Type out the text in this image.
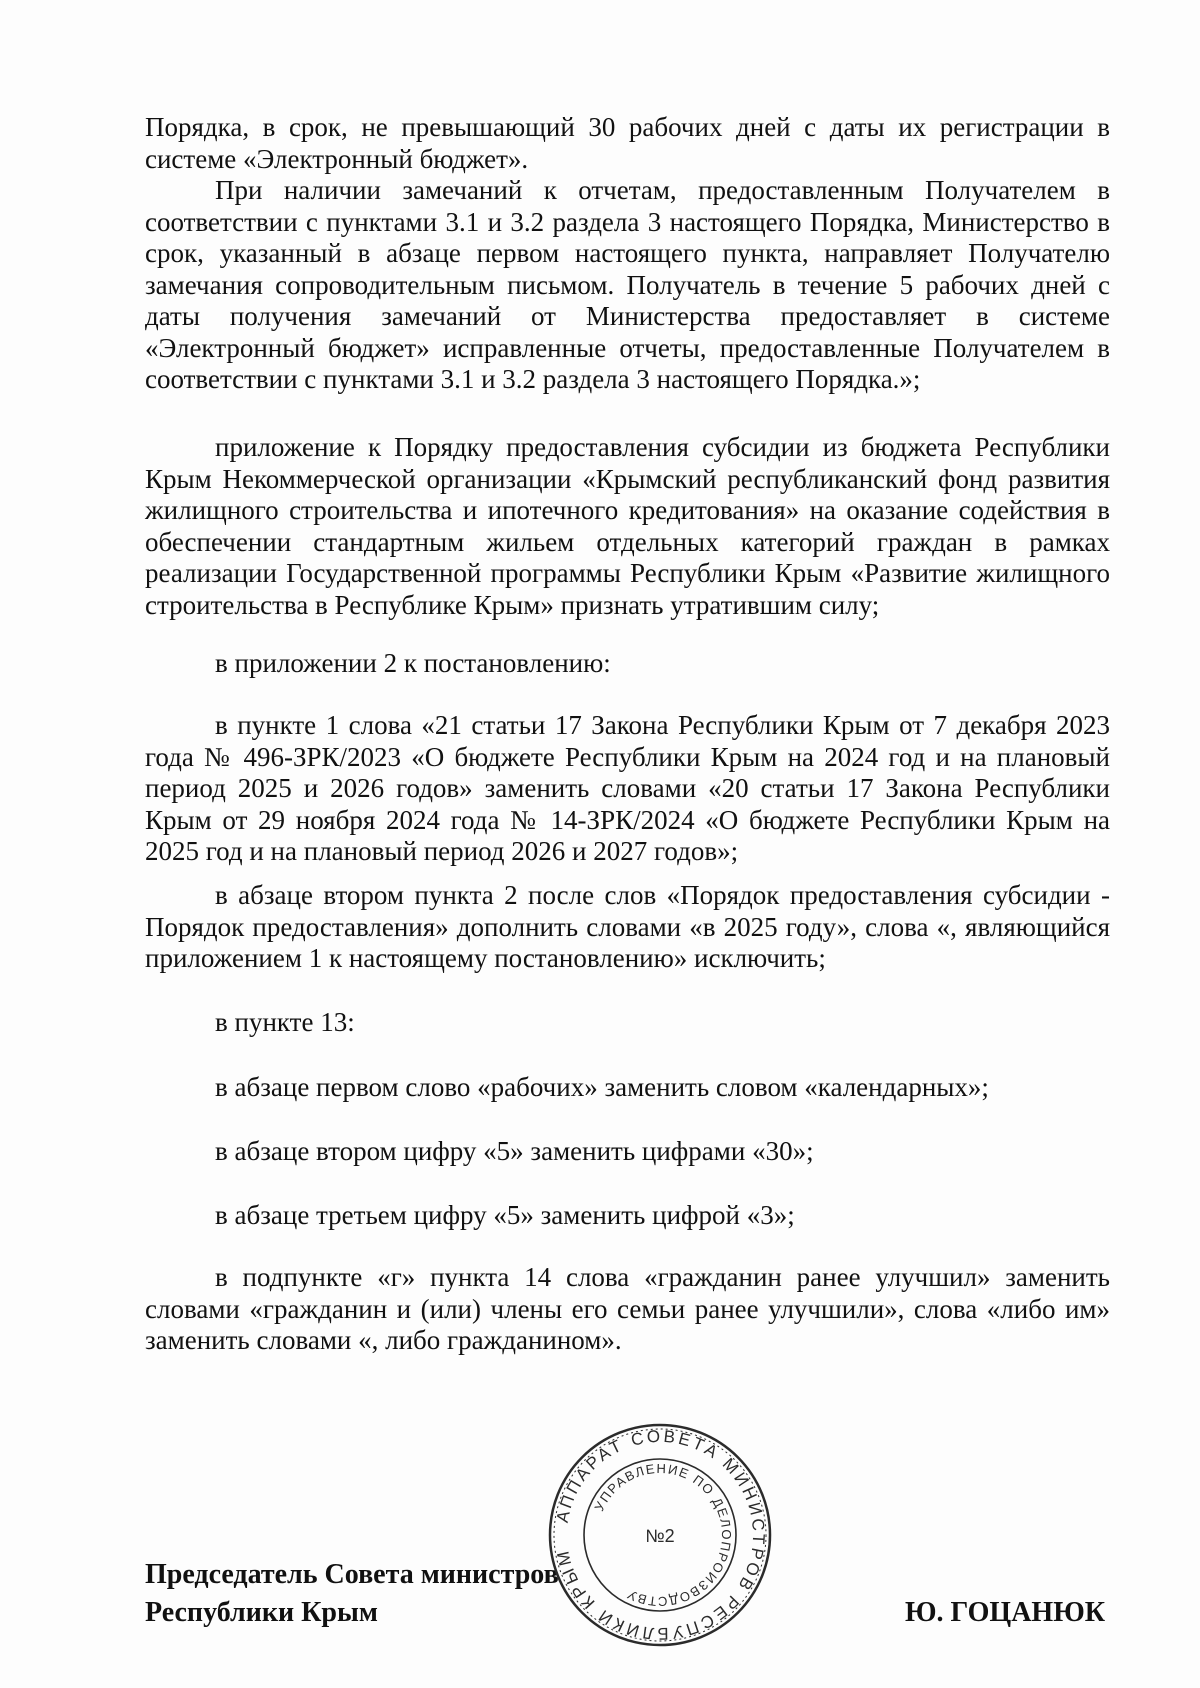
Порядка, в срок, не превышающий 30 рабочих дней с даты их регистрации в системе «Электронный бюджет».
При наличии замечаний к отчетам, предоставленным Получателем в соответствии с пунктами 3.1 и 3.2 раздела 3 настоящего Порядка, Министерство в срок, указанный в абзаце первом настоящего пункта, направляет Получателю замечания сопроводительным письмом. Получатель в течение 5 рабочих дней с даты получения замечаний от Министерства предоставляет в системе «Электронный бюджет» исправленные отчеты, предоставленные Получателем в соответствии с пунктами 3.1 и 3.2 раздела 3 настоящего Порядка.»;
приложение к Порядку предоставления субсидии из бюджета Республики Крым Некоммерческой организации «Крымский республиканский фонд развития жилищного строительства и ипотечного кредитования» на оказание содействия в обеспечении стандартным жильем отдельных категорий граждан в рамках реализации Государственной программы Республики Крым «Развитие жилищного строительства в Республике Крым» признать утратившим силу;
в приложении 2 к постановлению:
в пункте 1 слова «21 статьи 17 Закона Республики Крым от 7 декабря 2023 года № 496-ЗРК/2023 «О бюджете Республики Крым на 2024 год и на плановый период 2025 и 2026 годов» заменить словами «20 статьи 17 Закона Республики Крым от 29 ноября 2024 года № 14-ЗРК/2024 «О бюджете Республики Крым на 2025 год и на плановый период 2026 и 2027 годов»;
в абзаце втором пункта 2 после слов «Порядок предоставления субсидии - Порядок предоставления» дополнить словами «в 2025 году», слова «, являющийся приложением 1 к настоящему постановлению» исключить;
в пункте 13:
в абзаце первом слово «рабочих» заменить словом «календарных»;
в абзаце втором цифру «5» заменить цифрами «30»;
в абзаце третьем цифру «5» заменить цифрой «3»;
в подпункте «г» пункта 14 слова «гражданин ранее улучшил» заменить словами «гражданин и (или) члены его семьи ранее улучшили», слова «либо им» заменить словами «, либо гражданином».
Председатель Совета министров
Республики Крым	Ю. ГОЦАНЮК
АППАРАТ СОВЕТА МИНИСТРОВ РЕСПУБЛИКИ КРЫМ
УПРАВЛЕНИЕ ПО ДЕЛОПРОИЗВОДСТВУ
№2
